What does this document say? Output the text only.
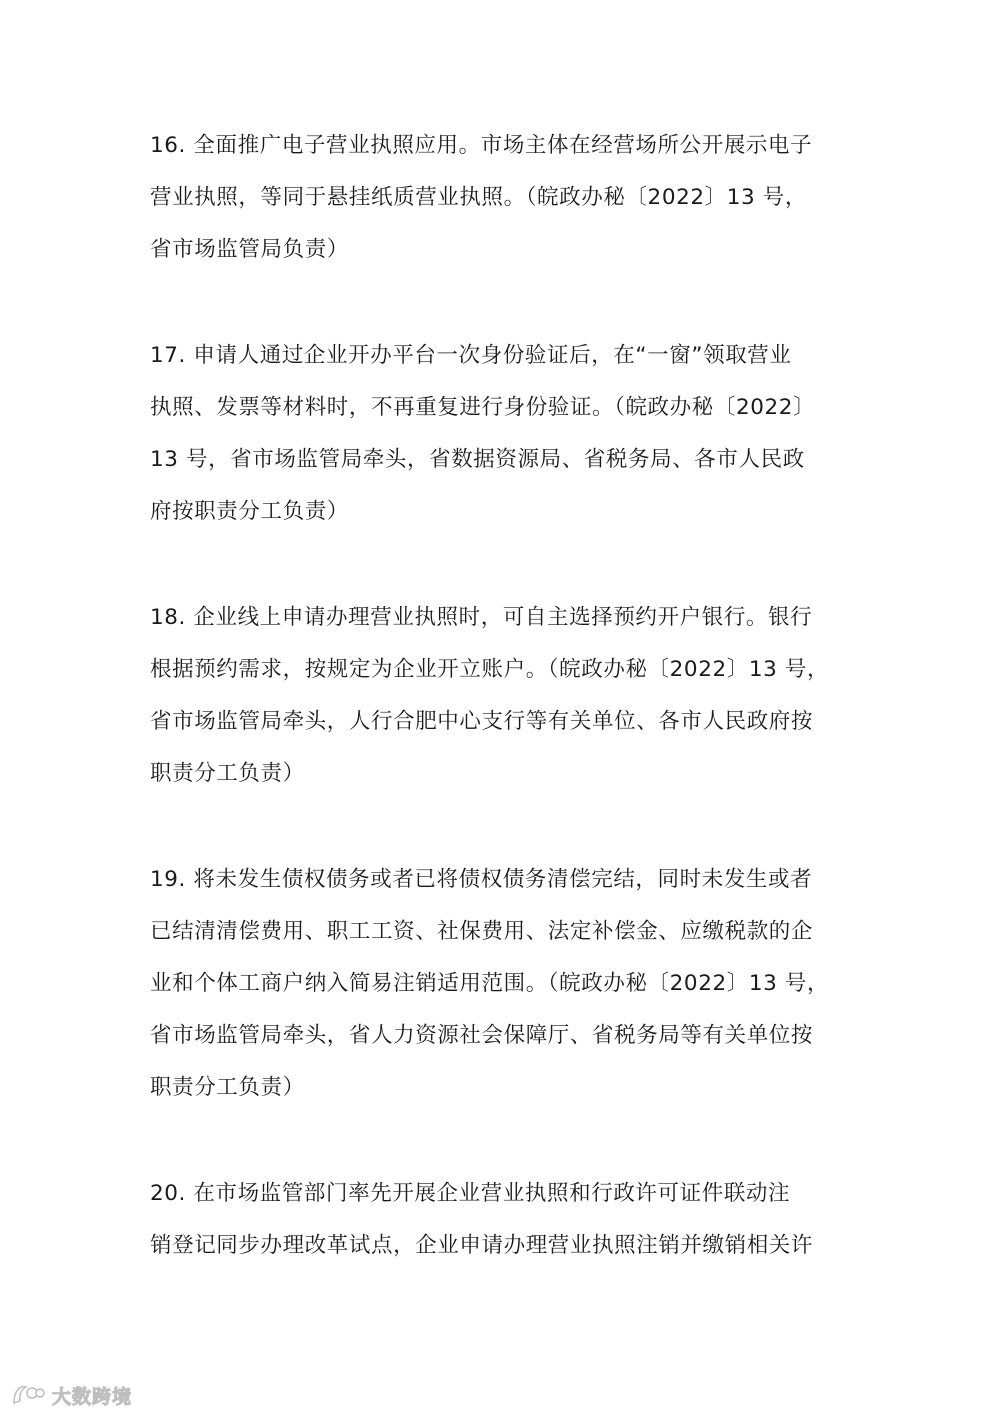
16. 全面推广电子营业执照应用。市场主体在经营场所公开展示电子
营业执照，等同于悬挂纸质营业执照。（皖政办秘〔2022〕13 号，
省市场监管局负责）

17. 申请人通过企业开办平台一次身份验证后，在“一窗”领取营业
执照、发票等材料时，不再重复进行身份验证。（皖政办秘〔2022〕
13 号，省市场监管局牵头，省数据资源局、省税务局、各市人民政
府按职责分工负责）

18. 企业线上申请办理营业执照时，可自主选择预约开户银行。银行
根据预约需求，按规定为企业开立账户。（皖政办秘〔2022〕13 号，
省市场监管局牵头，人行合肥中心支行等有关单位、各市人民政府按
职责分工负责）

19. 将未发生债权债务或者已将债权债务清偿完结，同时未发生或者
已结清清偿费用、职工工资、社保费用、法定补偿金、应缴税款的企
业和个体工商户纳入简易注销适用范围。（皖政办秘〔2022〕13 号，
省市场监管局牵头，省人力资源社会保障厅、省税务局等有关单位按
职责分工负责）

20. 在市场监管部门率先开展企业营业执照和行政许可证件联动注
销登记同步办理改革试点，企业申请办理营业执照注销并缴销相关许

大数跨境
